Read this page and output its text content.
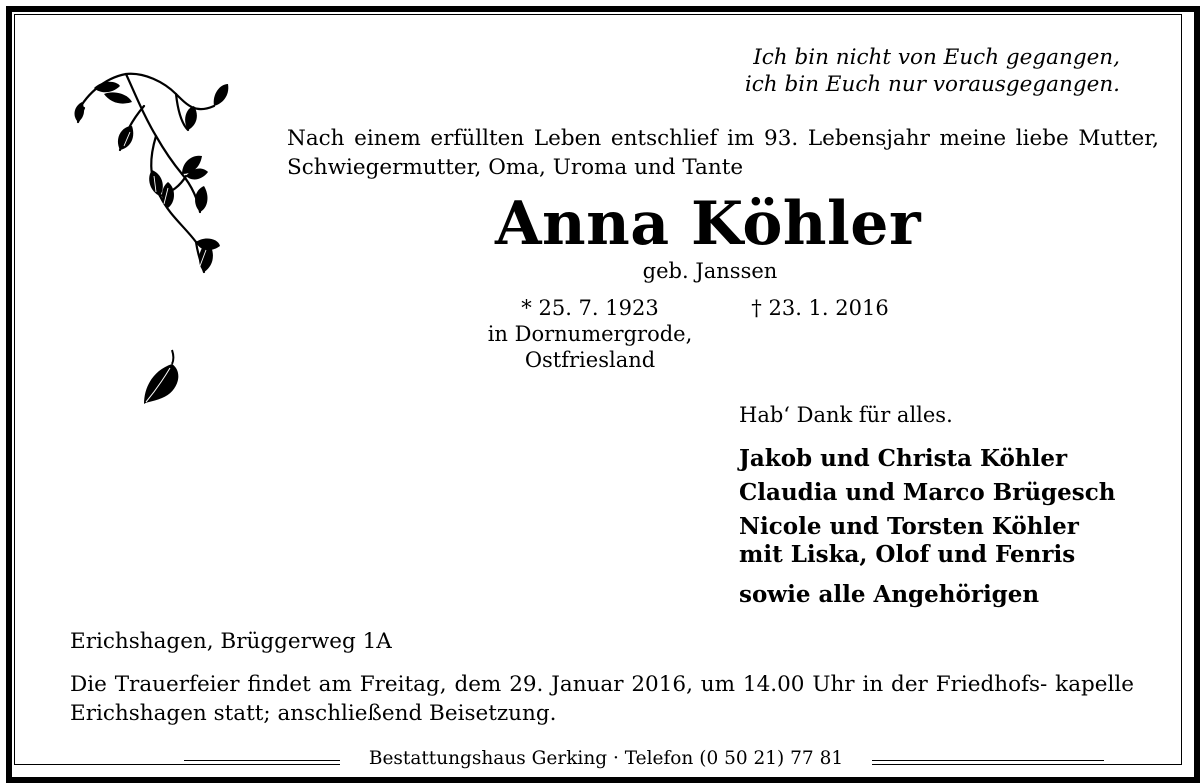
Ich bin nicht von Euch gegangen,
ich bin Euch nur vorausgegangen.
Nach einem erfüllten Leben entschlief im 93. Lebensjahr meine liebe Mutter, Schwiegermutter, Oma, Uroma und Tante
Anna Köhler
geb. Janssen
* 25. 7. 1923
in Dornumergrode,
Ostfriesland
† 23. 1. 2016
Hab‘ Dank für alles.
Jakob und Christa Köhler
Claudia und Marco Brügesch
Nicole und Torsten Köhler
mit Liska, Olof und Fenris
sowie alle Angehörigen
Erichshagen, Brüggerweg 1A
Die Trauerfeier findet am Freitag, dem 29. Januar 2016, um 14.00 Uhr in der Friedhofs- kapelle Erichshagen statt; anschließend Beisetzung.
Bestattungshaus Gerking · Telefon (0 50 21) 77 81
